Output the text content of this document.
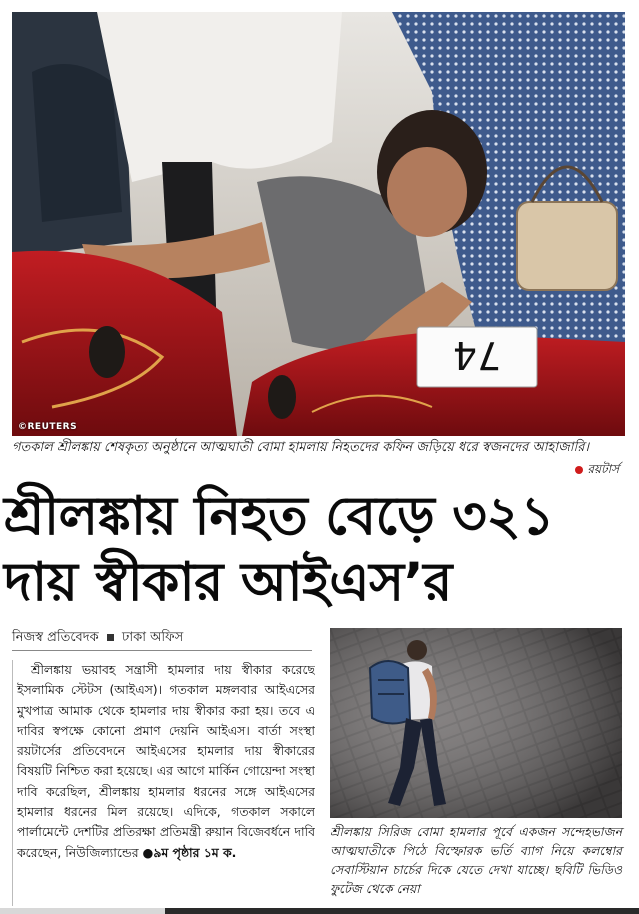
74
©REUTERS
গতকাল শ্রীলঙ্কায় শেষকৃত্য অনুষ্ঠানে আত্মঘাতী বোমা হামলায় নিহতদের কফিন জড়িয়ে ধরে স্বজনদের আহাজারি।
রয়টার্স
শ্রীলঙ্কায় নিহত বেড়ে ৩২১
দায় স্বীকার আইএস’র
নিজস্ব প্রতিবেদক ঢাকা অফিস

শ্রীলঙ্কায় ভয়াবহ সন্ত্রাসী হামলার দায় স্বীকার করেছে ইসলামিক স্টেটস (আইএস)। গতকাল মঙ্গলবার আইএসের মুখপাত্র আমাক থেকে হামলার দায় স্বীকার করা হয়। তবে এ দাবির স্বপক্ষে কোনো প্রমাণ দেয়নি আইএস। বার্তা সংস্থা রয়টার্সের প্রতিবেদনে আইএসের হামলার দায় স্বীকারের বিষয়টি নিশ্চিত করা হয়েছে। এর আগে মার্কিন গোয়েন্দা সংস্থা দাবি করেছিল, শ্রীলঙ্কায় হামলার ধরনের সঙ্গে আইএসের হামলার ধরনের মিল রয়েছে। এদিকে, গতকাল সকালে পার্লামেন্টে দেশটির প্রতিরক্ষা প্রতিমন্ত্রী রুয়ান বিজেবর্ধনে দাবি করেছেন, নিউজিল্যান্ডের ●৯ম পৃষ্ঠার ১ম ক.

শ্রীলঙ্কায় সিরিজ বোমা হামলার পূর্বে একজন সন্দেহভাজন আত্মঘাতীকে পিঠে বিস্ফোরক ভর্তি ব্যাগ নিয়ে কলম্বোর সেবাস্টিয়ান চার্চের দিকে যেতে দেখা যাচ্ছে। ছবিটি ভিডিও ফুটেজ থেকে নেয়া
